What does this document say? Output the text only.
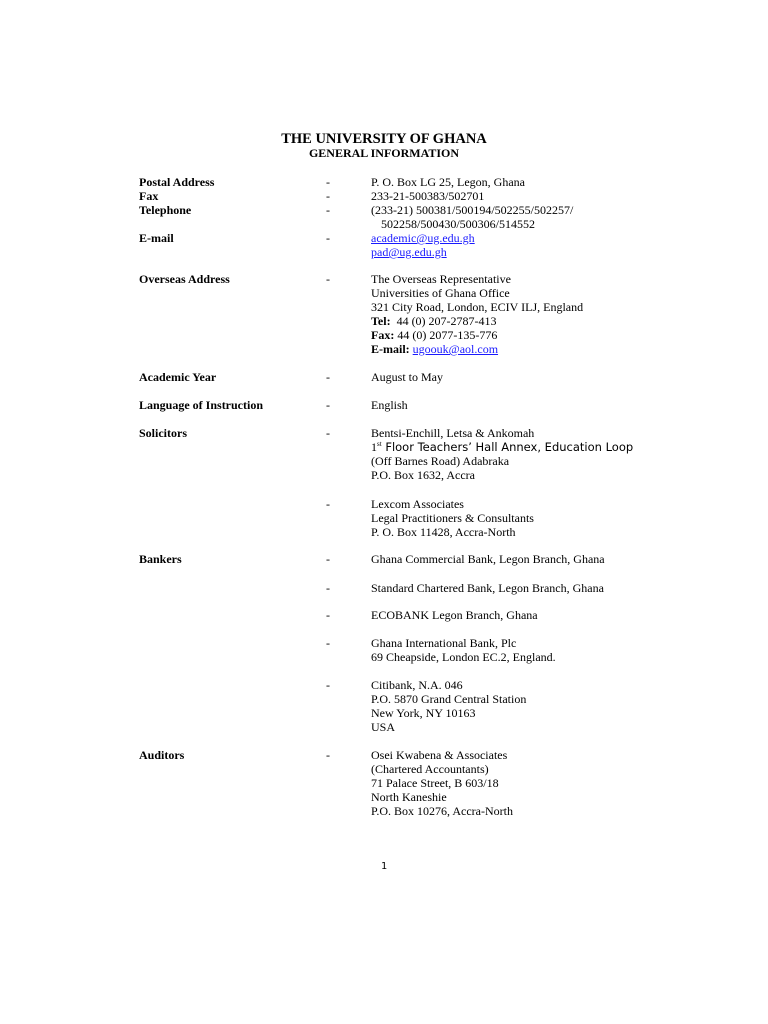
THE UNIVERSITY OF GHANA
GENERAL INFORMATION
Postal Address	-	P. O. Box LG 25, Legon, Ghana
Fax	-	233-21-500383/502701
Telephone	-	(233-21) 500381/500194/502255/502257/
502258/500430/500306/514552
E-mail	-	academic@ug.edu.gh
pad@ug.edu.gh
Overseas Address	-	The Overseas Representative
Universities of Ghana Office
321 City Road, London, ECIV ILJ, England
Tel: 44 (0) 207-2787-413
Fax: 44 (0) 2077-135-776
E-mail: ugoouk@aol.com
Academic Year	-	August to May
Language of Instruction	-	English
Solicitors	-	Bentsi-Enchill, Letsa & Ankomah
1st Floor Teachers’ Hall Annex, Education Loop
(Off Barnes Road) Adabraka
P.O. Box 1632, Accra
-	Lexcom Associates
Legal Practitioners & Consultants
P. O. Box 11428, Accra-North
Bankers	-	Ghana Commercial Bank, Legon Branch, Ghana
-	Standard Chartered Bank, Legon Branch, Ghana
-	ECOBANK Legon Branch, Ghana
-	Ghana International Bank, Plc
69 Cheapside, London EC.2, England.
-	Citibank, N.A. 046
P.O. 5870 Grand Central Station
New York, NY 10163
USA
Auditors	-	Osei Kwabena & Associates
(Chartered Accountants)
71 Palace Street, B 603/18
North Kaneshie
P.O. Box 10276, Accra-North
1
